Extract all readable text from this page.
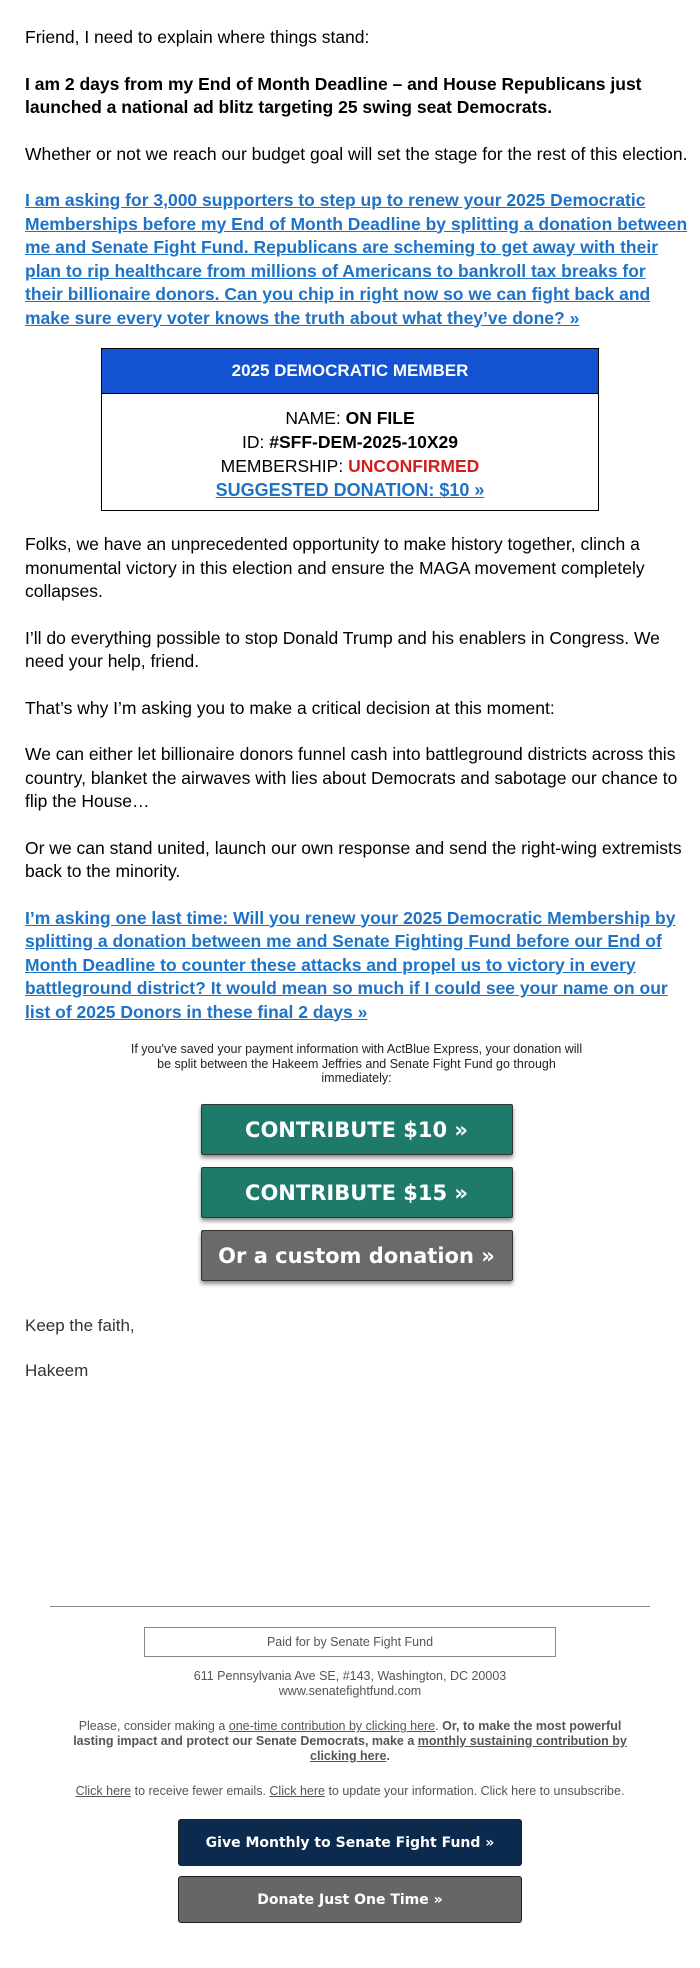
Friend, I need to explain where things stand:

I am 2 days from my End of Month Deadline – and House Republicans just launched a national ad blitz targeting 25 swing seat Democrats.

Whether or not we reach our budget goal will set the stage for the rest of this election.

I am asking for 3,000 supporters to step up to renew your 2025 Democratic Memberships before my End of Month Deadline by splitting a donation between me and Senate Fight Fund. Republicans are scheming to get away with their plan to rip healthcare from millions of Americans to bankroll tax breaks for their billionaire donors. Can you chip in right now so we can fight back and make sure every voter knows the truth about what they’ve done? »
2025 DEMOCRATIC MEMBER
NAME: ON FILE
ID: #SFF-DEM-2025-10X29
MEMBERSHIP: UNCONFIRMED
SUGGESTED DONATION: $10 »

Folks, we have an unprecedented opportunity to make history together, clinch a monumental victory in this election and ensure the MAGA movement completely collapses.

I’ll do everything possible to stop Donald Trump and his enablers in Congress. We need your help, friend.

That’s why I’m asking you to make a critical decision at this moment:

We can either let billionaire donors funnel cash into battleground districts across this country, blanket the airwaves with lies about Democrats and sabotage our chance to flip the House…

Or we can stand united, launch our own response and send the right-wing extremists back to the minority.

I’m asking one last time: Will you renew your 2025 Democratic Membership by splitting a donation between me and Senate Fighting Fund before our End of Month Deadline to counter these attacks and propel us to victory in every battleground district? It would mean so much if I could see your name on our list of 2025 Donors in these final 2 days »
If you've saved your payment information with ActBlue Express, your donation will be split between the Hakeem Jeffries and Senate Fight Fund go through immediately:
CONTRIBUTE $10 »
CONTRIBUTE $15 »
Or a custom donation »
Keep the faith,
Hakeem
Paid for by Senate Fight Fund
611 Pennsylvania Ave SE, #143, Washington, DC 20003
www.senatefightfund.com
Please, consider making a one-time contribution by clicking here. Or, to make the most powerful lasting impact and protect our Senate Democrats, make a monthly sustaining contribution by clicking here.
Click here to receive fewer emails. Click here to update your information. Click here to unsubscribe.
Give Monthly to Senate Fight Fund »
Donate Just One Time »
